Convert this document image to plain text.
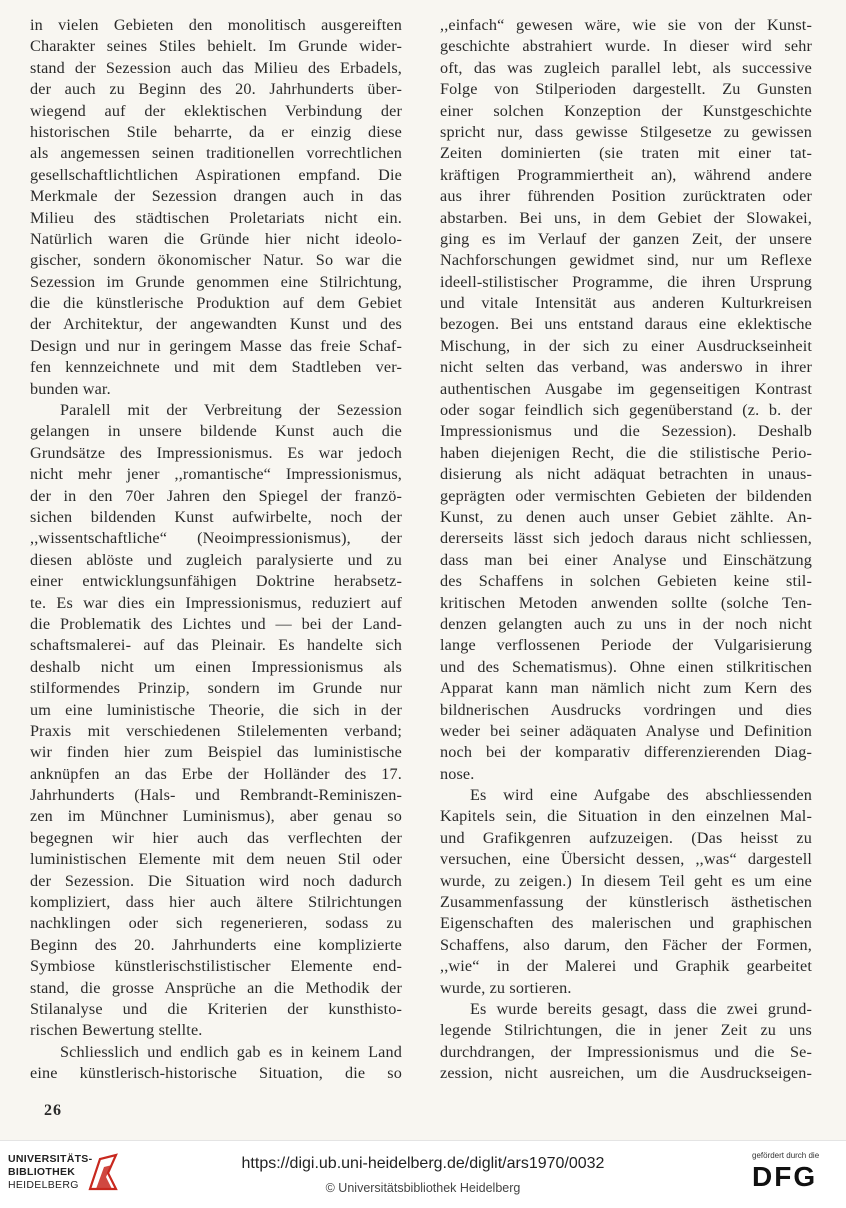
in vielen Gebieten den monolitisch ausgereiften
Charakter seines Stiles behielt. Im Grunde wider-
stand der Sezession auch das Milieu des Erbadels,
der auch zu Beginn des 20. Jahrhunderts über-
wiegend auf der eklektischen Verbindung der
historischen Stile beharrte, da er einzig diese
als angemessen seinen traditionellen vorrechtlichen
gesellschaftlichtlichen Aspirationen empfand. Die
Merkmale der Sezession drangen auch in das
Milieu des städtischen Proletariats nicht ein.
Natürlich waren die Gründe hier nicht ideolo-
gischer, sondern ökonomischer Natur. So war die
Sezession im Grunde genommen eine Stilrichtung,
die die künstlerische Produktion auf dem Gebiet
der Architektur, der angewandten Kunst und des
Design und nur in geringem Masse das freie Schaf-
fen kennzeichnete und mit dem Stadtleben ver-
bunden war.
Paralell mit der Verbreitung der Sezession
gelangen in unsere bildende Kunst auch die
Grundsätze des Impressionismus. Es war jedoch
nicht mehr jener ,,romantische“ Impressionismus,
der in den 70er Jahren den Spiegel der franzö-
sichen bildenden Kunst aufwirbelte, noch der
,,wissentschaftliche“ (Neoimpressionismus), der
diesen ablöste und zugleich paralysierte und zu
einer entwicklungsunfähigen Doktrine herabsetz-
te. Es war dies ein Impressionismus, reduziert auf
die Problematik des Lichtes und — bei der Land-
schaftsmalerei- auf das Pleinair. Es handelte sich
deshalb nicht um einen Impressionismus als
stilformendes Prinzip, sondern im Grunde nur
um eine luministische Theorie, die sich in der
Praxis mit verschiedenen Stilelementen verband;
wir finden hier zum Beispiel das luministische
anknüpfen an das Erbe der Holländer des 17.
Jahrhunderts (Hals- und Rembrandt-Reminiszen-
zen im Münchner Luminismus), aber genau so
begegnen wir hier auch das verflechten der
luministischen Elemente mit dem neuen Stil oder
der Sezession. Die Situation wird noch dadurch
kompliziert, dass hier auch ältere Stilrichtungen
nachklingen oder sich regenerieren, sodass zu
Beginn des 20. Jahrhunderts eine komplizierte
Symbiose künstlerischstilistischer Elemente end-
stand, die grosse Ansprüche an die Methodik der
Stilanalyse und die Kriterien der kunsthisto-
rischen Bewertung stellte.
Schliesslich und endlich gab es in keinem Land
eine künstlerisch-historische Situation, die so
,,einfach“ gewesen wäre, wie sie von der Kunst-
geschichte abstrahiert wurde. In dieser wird sehr
oft, das was zugleich parallel lebt, als successive
Folge von Stilperioden dargestellt. Zu Gunsten
einer solchen Konzeption der Kunstgeschichte
spricht nur, dass gewisse Stilgesetze zu gewissen
Zeiten dominierten (sie traten mit einer tat-
kräftigen Programmiertheit an), während andere
aus ihrer führenden Position zurücktraten oder
abstarben. Bei uns, in dem Gebiet der Slowakei,
ging es im Verlauf der ganzen Zeit, der unsere
Nachforschungen gewidmet sind, nur um Reflexe
ideell-stilistischer Programme, die ihren Ursprung
und vitale Intensität aus anderen Kulturkreisen
bezogen. Bei uns entstand daraus eine eklektische
Mischung, in der sich zu einer Ausdruckseinheit
nicht selten das verband, was anderswo in ihrer
authentischen Ausgabe im gegenseitigen Kontrast
oder sogar feindlich sich gegenüberstand (z. b. der
Impressionismus und die Sezession). Deshalb
haben diejenigen Recht, die die stilistische Perio-
disierung als nicht adäquat betrachten in unaus-
geprägten oder vermischten Gebieten der bildenden
Kunst, zu denen auch unser Gebiet zählte. An-
dererseits lässt sich jedoch daraus nicht schliessen,
dass man bei einer Analyse und Einschätzung
des Schaffens in solchen Gebieten keine stil-
kritischen Metoden anwenden sollte (solche Ten-
denzen gelangten auch zu uns in der noch nicht
lange verflossenen Periode der Vulgarisierung
und des Schematismus). Ohne einen stilkritischen
Apparat kann man nämlich nicht zum Kern des
bildnerischen Ausdrucks vordringen und dies
weder bei seiner adäquaten Analyse und Definition
noch bei der komparativ differenzierenden Diag-
nose.
Es wird eine Aufgabe des abschliessenden
Kapitels sein, die Situation in den einzelnen Mal-
und Grafikgenren aufzuzeigen. (Das heisst zu
versuchen, eine Übersicht dessen, ,,was“ dargestell
wurde, zu zeigen.) In diesem Teil geht es um eine
Zusammenfassung der künstlerisch ästhetischen
Eigenschaften des malerischen und graphischen
Schaffens, also darum, den Fächer der Formen,
,,wie“ in der Malerei und Graphik gearbeitet
wurde, zu sortieren.
Es wurde bereits gesagt, dass die zwei grund-
legende Stilrichtungen, die in jener Zeit zu uns
durchdrangen, der Impressionismus und die Se-
zession, nicht ausreichen, um die Ausdruckseigen-
26
UNIVERSITÄTS-
BIBLIOTHEK
HEIDELBERG
https://digi.ub.uni-heidelberg.de/diglit/ars1970/0032
© Universitätsbibliothek Heidelberg
gefördert durch die
DFG
